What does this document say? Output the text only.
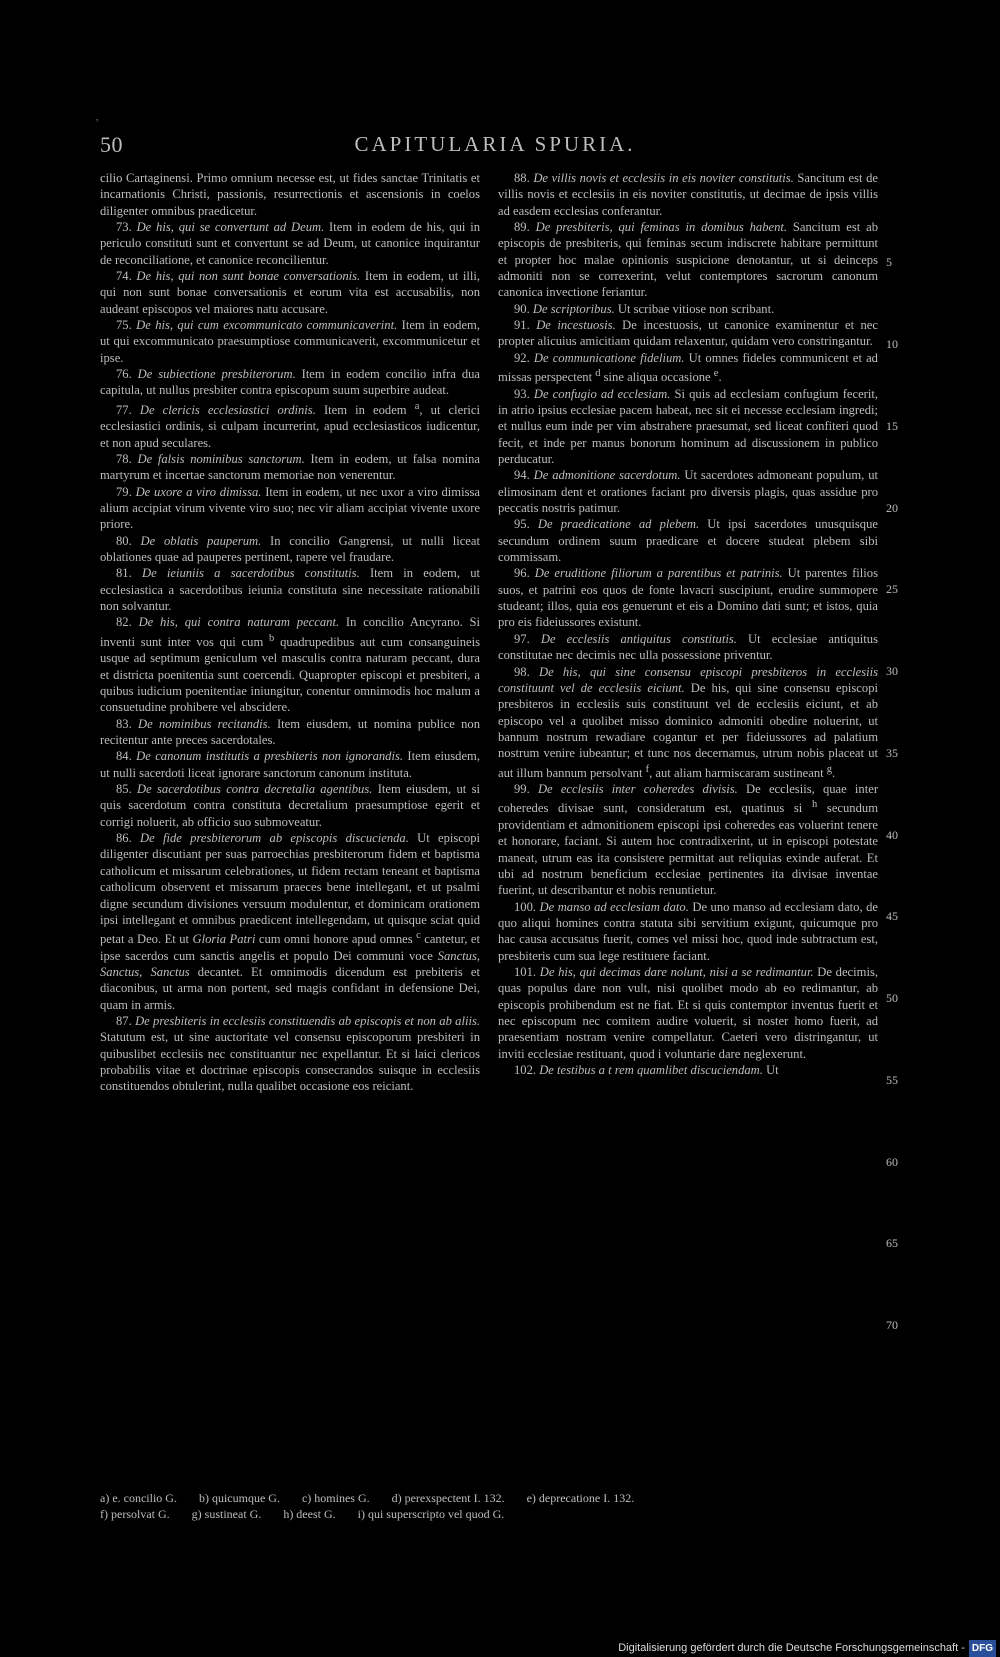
,
50	CAPITULARIA SPURIA.

cilio Cartaginensi. Primo omnium necesse est, ut fides sanctae Trinitatis et incarnationis Christi, passionis, resurrectionis et ascensionis in coelos diligenter omnibus praedicetur.

73. De his, qui se convertunt ad Deum. Item in eodem de his, qui in periculo constituti sunt et convertunt se ad Deum, ut canonice inquirantur de reconciliatione, et canonice reconcilientur.

74. De his, qui non sunt bonae conversationis. Item in eodem, ut illi, qui non sunt bonae conversationis et eorum vita est accusabilis, non audeant episcopos vel maiores natu accusare.

75. De his, qui cum excommunicato communicaverint. Item in eodem, ut qui excommunicato praesumptiose communicaverit, excommunicetur et ipse.

76. De subiectione presbiterorum. Item in eodem concilio infra dua capitula, ut nullus presbiter contra episcopum suum superbire audeat.

77. De clericis ecclesiastici ordinis. Item in eodem $^a$, ut clerici ecclesiastici ordinis, si culpam incurrerint, apud ecclesiasticos iudicentur, et non apud seculares.

78. De falsis nominibus sanctorum. Item in eodem, ut falsa nomina martyrum et incertae sanctorum memoriae non venerentur.

79. De uxore a viro dimissa. Item in eodem, ut nec uxor a viro dimissa alium accipiat virum vivente viro suo; nec vir aliam accipiat vivente uxore priore.

80. De oblatis pauperum. In concilio Gangrensi, ut nulli liceat oblationes quae ad pauperes pertinent, rapere vel fraudare.

81. De ieiuniis a sacerdotibus constitutis. Item in eodem, ut ecclesiastica a sacerdotibus ieiunia constituta sine necessitate rationabili non solvantur.

82. De his, qui contra naturam peccant. In concilio Ancyrano. Si inventi sunt inter vos qui cum $^b$ quadrupedibus aut cum consanguineis usque ad septimum geniculum vel masculis contra naturam peccant, dura et districta poenitentia sunt coercendi. Quapropter episcopi et presbiteri, a quibus iudicium poenitentiae iniungitur, conentur omnimodis hoc malum a consuetudine prohibere vel abscidere.

83. De nominibus recitandis. Item eiusdem, ut nomina publice non recitentur ante preces sacerdotales.

84. De canonum institutis a presbiteris non ignorandis. Item eiusdem, ut nulli sacerdoti liceat ignorare sanctorum canonum instituta.

85. De sacerdotibus contra decretalia agentibus. Item eiusdem, ut si quis sacerdotum contra constituta decretalium praesumptiose egerit et corrigi noluerit, ab officio suo submoveatur.

86. De fide presbiterorum ab episcopis discucienda. Ut episcopi diligenter discutiant per suas parroechias presbiterorum fidem et baptisma catholicum et missarum celebrationes, ut fidem rectam teneant et baptisma catholicum observent et missarum praeces bene intellegant, et ut psalmi digne secundum divisiones versuum modulentur, et dominicam orationem ipsi intellegant et omnibus praedicent intellegendam, ut quisque sciat quid petat a Deo. Et ut Gloria Patri cum omni honore apud omnes $^c$ cantetur, et ipse sacerdos cum sanctis angelis et populo Dei communi voce Sanctus, Sanctus, Sanctus decantet. Et omnimodis dicendum est prebiteris et diaconibus, ut arma non portent, sed magis confidant in defensione Dei, quam in armis.

87. De presbiteris in ecclesiis constituendis ab episcopis et non ab aliis. Statutum est, ut sine auctoritate vel consensu episcoporum presbiteri in quibuslibet ecclesiis nec constituantur nec expellantur. Et si laici clericos probabilis vitae et doctrinae episcopis consecrandos suisque in ecclesiis constituendos obtulerint, nulla qualibet occasione eos reiciant.

88. De villis novis et ecclesiis in eis noviter constitutis. Sancitum est de villis novis et ecclesiis in eis noviter constitutis, ut decimae de ipsis villis ad easdem ecclesias conferantur.

89. De presbiteris, qui feminas in domibus habent. Sancitum est ab episcopis de presbiteris, qui feminas secum indiscrete habitare permittunt et propter hoc malae opinionis suspicione denotantur, ut si deinceps admoniti non se correxerint, velut contemptores sacrorum canonum canonica invectione feriantur.

90. De scriptoribus. Ut scribae vitiose non scribant.

91. De incestuosis. De incestuosis, ut canonice examinentur et nec propter alicuius amicitiam quidam relaxentur, quidam vero constringantur.

92. De communicatione fidelium. Ut omnes fideles communicent et ad missas perspectent $^d$ sine aliqua occasione $^e$.

93. De confugio ad ecclesiam. Si quis ad ecclesiam confugium fecerit, in atrio ipsius ecclesiae pacem habeat, nec sit ei necesse ecclesiam ingredi; et nullus eum inde per vim abstrahere praesumat, sed liceat confiteri quod fecit, et inde per manus bonorum hominum ad discussionem in publico perducatur.

94. De admonitione sacerdotum. Ut sacerdotes admoneant populum, ut elimosinam dent et orationes faciant pro diversis plagis, quas assidue pro peccatis nostris patimur.

95. De praedicatione ad plebem. Ut ipsi sacerdotes unusquisque secundum ordinem suum praedicare et docere studeat plebem sibi commissam.

96. De eruditione filiorum a parentibus et patrinis. Ut parentes filios suos, et patrini eos quos de fonte lavacri suscipiunt, erudire summopere studeant; illos, quia eos genuerunt et eis a Domino dati sunt; et istos, quia pro eis fideiussores existunt.

97. De ecclesiis antiquitus constitutis. Ut ecclesiae antiquitus constitutae nec decimis nec ulla possessione priventur.

98. De his, qui sine consensu episcopi presbiteros in ecclesiis constituunt vel de ecclesiis eiciunt. De his, qui sine consensu episcopi presbiteros in ecclesiis suis constituunt vel de ecclesiis eiciunt, et ab episcopo vel a quolibet misso dominico admoniti obedire noluerint, ut bannum nostrum rewadiare cogantur et per fideiussores ad palatium nostrum venire iubeantur; et tunc nos decernamus, utrum nobis placeat ut aut illum bannum persolvant $^f$, aut aliam harmiscaram sustineant $^g$.

99. De ecclesiis inter coheredes divisis. De ecclesiis, quae inter coheredes divisae sunt, consideratum est, quatinus si $^h$ secundum providentiam et admonitionem episcopi ipsi coheredes eas voluerint tenere et honorare, faciant. Si autem hoc contradixerint, ut in episcopi potestate maneat, utrum eas ita consistere permittat aut reliquias exinde auferat. Et ubi ad nostrum beneficium ecclesiae pertinentes ita divisae inventae fuerint, ut describantur et nobis renuntietur.

100. De manso ad ecclesiam dato. De uno manso ad ecclesiam dato, de quo aliqui homines contra statuta sibi servitium exigunt, quicumque pro hac causa accusatus fuerit, comes vel missi hoc, quod inde subtractum est, presbiteris cum sua lege restituere faciant.

101. De his, qui decimas dare nolunt, nisi a se redimantur. De decimis, quas populus dare non vult, nisi quolibet modo ab eo redimantur, ab episcopis prohibendum est ne fiat. Et si quis contemptor inventus fuerit et nec episcopum nec comitem audire voluerit, si noster homo fuerit, ad praesentiam nostram venire compellatur. Caeteri vero distringantur, ut inviti ecclesiae restituant, quod i voluntarie dare neglexerunt.

102. De testibus a t rem quamlibet discuciendam. Ut

5
10
15
20
25
30
35
40
45
50
55
60
65
70
a) e. concilio G. b) quicumque G. c) homines G. d) perexspectent I. 132. e) deprecatione I. 132.
f) persolvat G. g) sustineat G. h) deest G. i) qui superscripto vel quod G.
Digitalisierung gefördert durch die Deutsche Forschungsgemeinschaft - DFG
